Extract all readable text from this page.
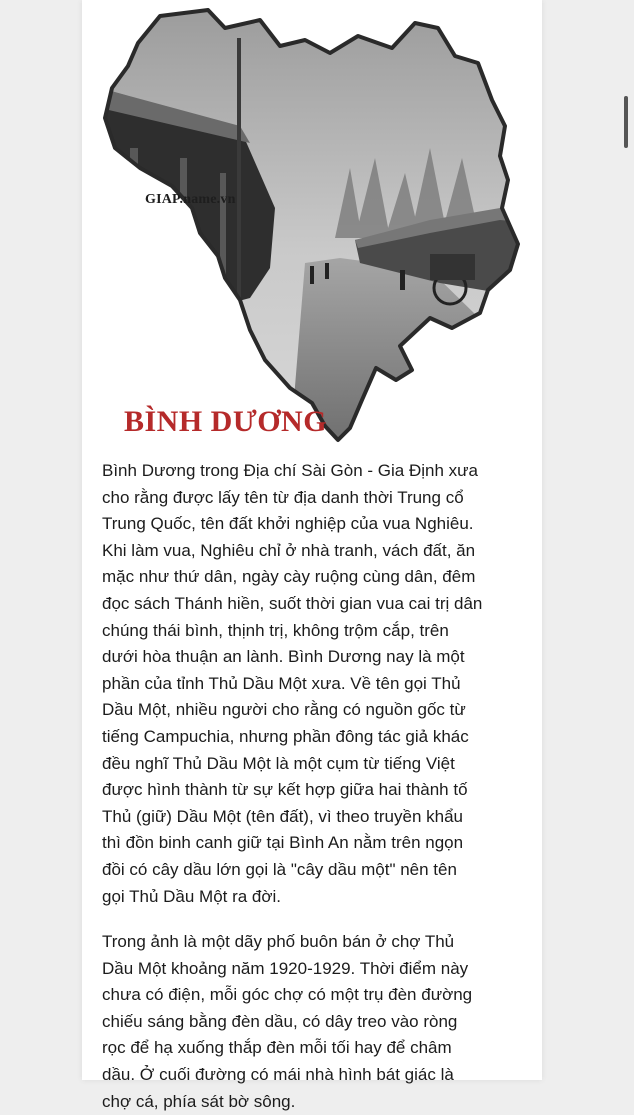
GIAP.name.vn
BÌNH DƯƠNG

Bình Dương trong Địa chí Sài Gòn - Gia Định xưa
cho rằng được lấy tên từ địa danh thời Trung cổ
Trung Quốc, tên đất khởi nghiệp của vua Nghiêu.
Khi làm vua, Nghiêu chỉ ở nhà tranh, vách đất, ăn
mặc như thứ dân, ngày cày ruộng cùng dân, đêm
đọc sách Thánh hiền, suốt thời gian vua cai trị dân
chúng thái bình, thịnh trị, không trộm cắp, trên
dưới hòa thuận an lành. Bình Dương nay là một
phần của tỉnh Thủ Dầu Một xưa. Về tên gọi Thủ
Dầu Một, nhiều người cho rằng có nguồn gốc từ
tiếng Campuchia, nhưng phần đông tác giả khác
đều nghĩ Thủ Dầu Một là một cụm từ tiếng Việt
được hình thành từ sự kết hợp giữa hai thành tố
Thủ (giữ) Dầu Một (tên đất), vì theo truyền khẩu
thì đồn binh canh giữ tại Bình An nằm trên ngọn
đồi có cây dầu lớn gọi là "cây dầu một" nên tên
gọi Thủ Dầu Một ra đời.

Trong ảnh là một dãy phố buôn bán ở chợ Thủ
Dầu Một khoảng năm 1920-1929. Thời điểm này
chưa có điện, mỗi góc chợ có một trụ đèn đường
chiếu sáng bằng đèn dầu, có dây treo vào ròng
rọc để hạ xuống thắp đèn mỗi tối hay để châm
dầu. Ở cuối đường có mái nhà hình bát giác là
chợ cá, phía sát bờ sông.
